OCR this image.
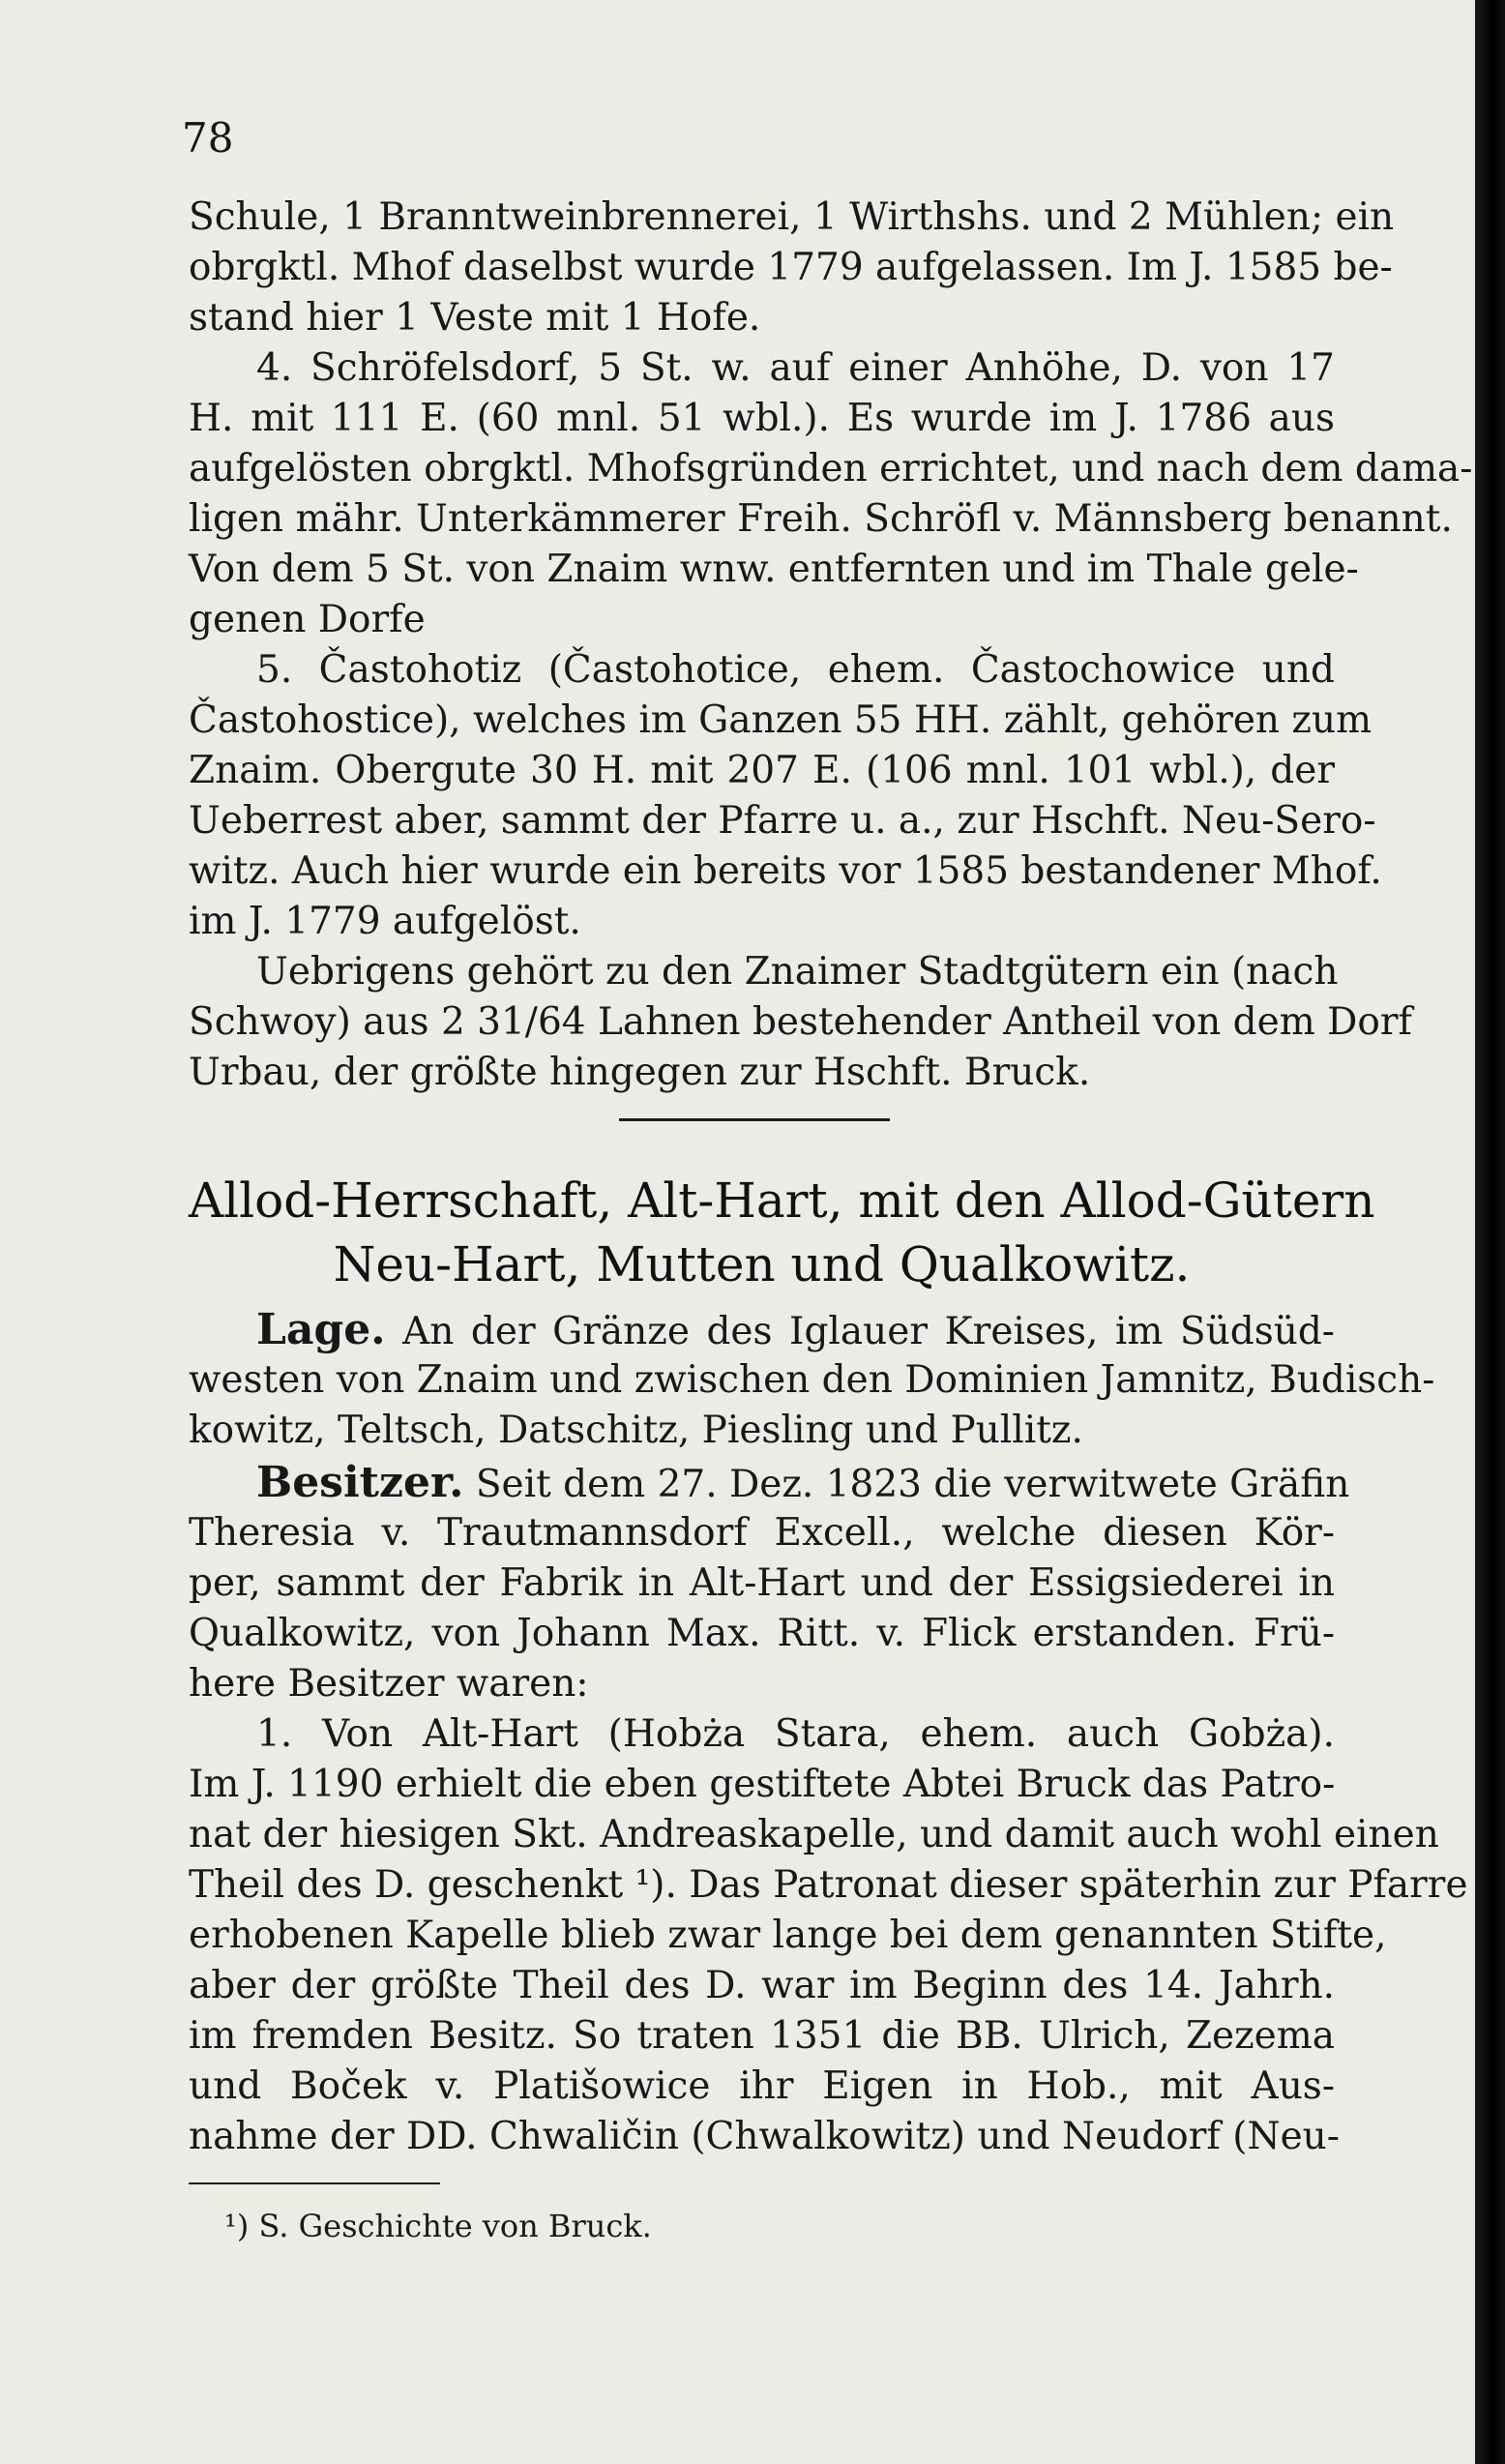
78
Schule, 1 Branntweinbrennerei, 1 Wirthshs. und 2 Mühlen; ein
obrgktl. Mhof daselbst wurde 1779 aufgelassen. Im J. 1585 be-
stand hier 1 Veste mit 1 Hofe.
4. Schröfelsdorf, 5 St. w. auf einer Anhöhe, D. von 17
H. mit 111 E. (60 mnl. 51 wbl.). Es wurde im J. 1786 aus
aufgelösten obrgktl. Mhofsgründen errichtet, und nach dem dama-
ligen mähr. Unterkämmerer Freih. Schröfl v. Männsberg benannt.
Von dem 5 St. von Znaim wnw. entfernten und im Thale gele-
genen Dorfe
5. Častohotiz (Častohotice, ehem. Častochowice und
Častohostice), welches im Ganzen 55 HH. zählt, gehören zum
Znaim. Obergute 30 H. mit 207 E. (106 mnl. 101 wbl.), der
Ueberrest aber, sammt der Pfarre u. a., zur Hschft. Neu-Sero-
witz. Auch hier wurde ein bereits vor 1585 bestandener Mhof.
im J. 1779 aufgelöst.
Uebrigens gehört zu den Znaimer Stadtgütern ein (nach
Schwoy) aus 2 31/64 Lahnen bestehender Antheil von dem Dorf
Urbau, der größte hingegen zur Hschft. Bruck.
Allod-Herrschaft, Alt-Hart, mit den Allod-Gütern
Neu-Hart, Mutten und Qualkowitz.
Lage. An der Gränze des Iglauer Kreises, im Südsüd-
westen von Znaim und zwischen den Dominien Jamnitz, Budisch-
kowitz, Teltsch, Datschitz, Piesling und Pullitz.
Besitzer. Seit dem 27. Dez. 1823 die verwitwete Gräfin
Theresia v. Trautmannsdorf Excell., welche diesen Kör-
per, sammt der Fabrik in Alt-Hart und der Essigsiederei in
Qualkowitz, von Johann Max. Ritt. v. Flick erstanden. Frü-
here Besitzer waren:
1. Von Alt-Hart (Hobża Stara, ehem. auch Gobża).
Im J. 1190 erhielt die eben gestiftete Abtei Bruck das Patro-
nat der hiesigen Skt. Andreaskapelle, und damit auch wohl einen
Theil des D. geschenkt ¹). Das Patronat dieser späterhin zur Pfarre
erhobenen Kapelle blieb zwar lange bei dem genannten Stifte,
aber der größte Theil des D. war im Beginn des 14. Jahrh.
im fremden Besitz. So traten 1351 die BB. Ulrich, Zezema
und Boček v. Platišowice ihr Eigen in Hob., mit Aus-
nahme der DD. Chwaličin (Chwalkowitz) und Neudorf (Neu-
¹) S. Geschichte von Bruck.
